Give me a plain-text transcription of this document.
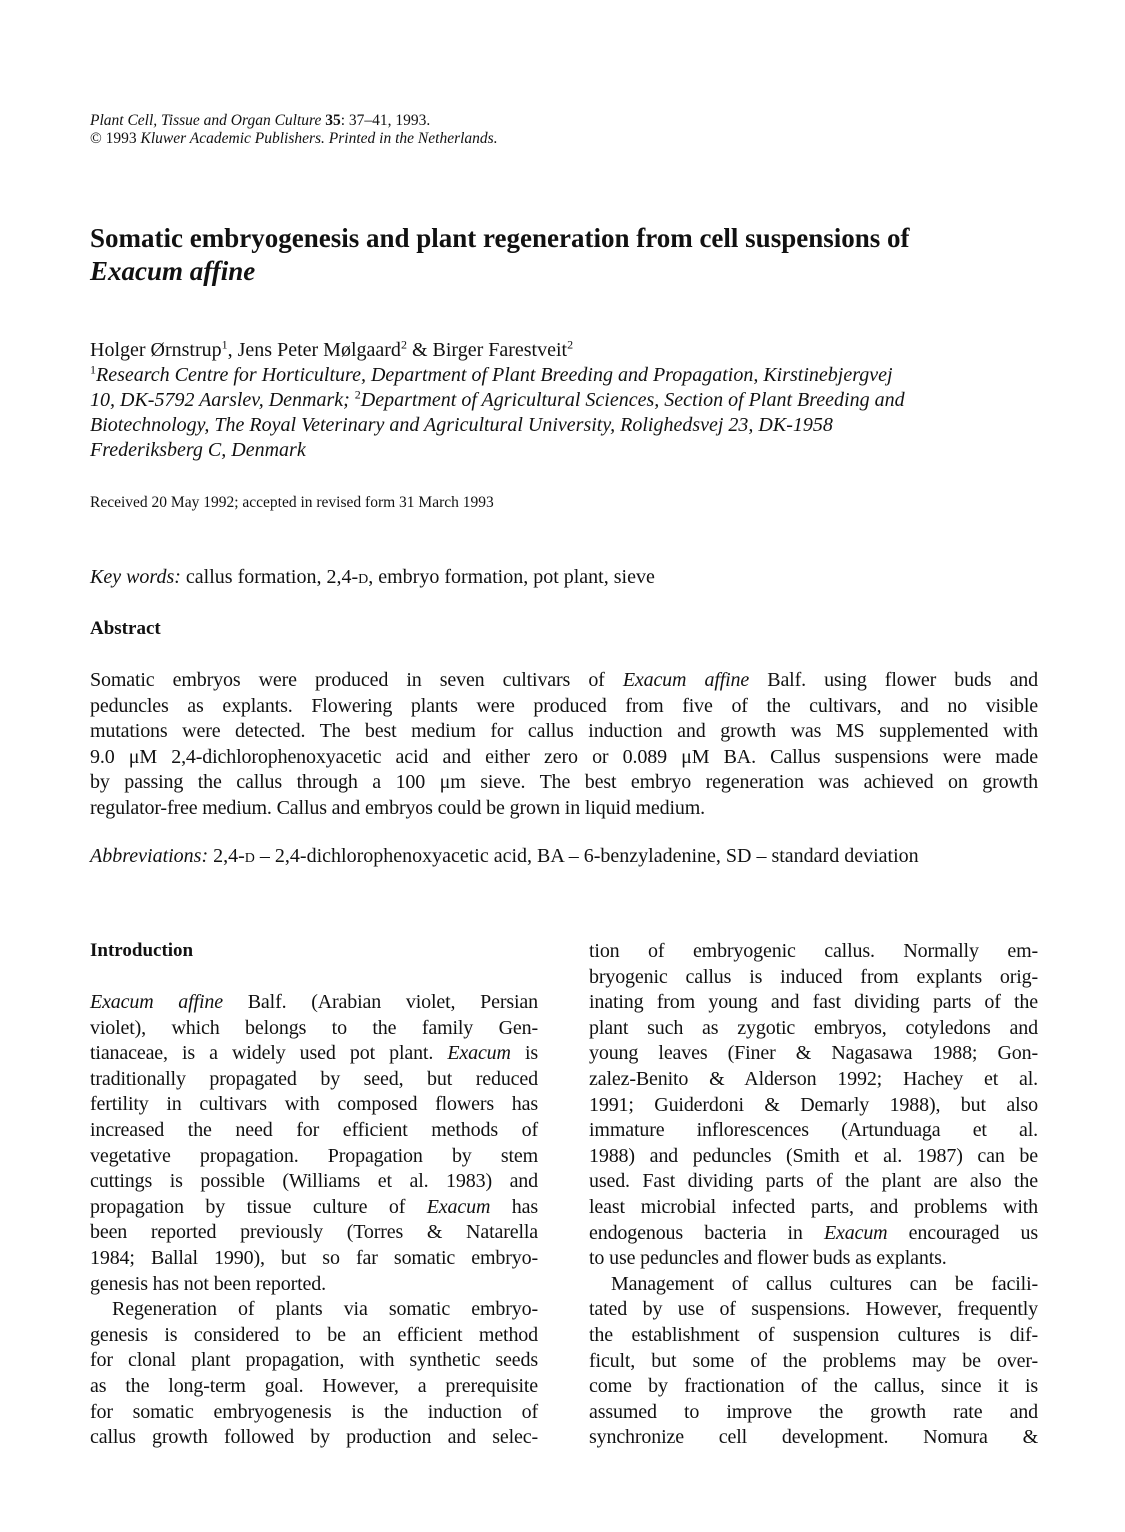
Plant Cell, Tissue and Organ Culture 35: 37–41, 1993.
© 1993 Kluwer Academic Publishers. Printed in the Netherlands.
Somatic embryogenesis and plant regeneration from cell suspensions of
Exacum affine
Holger Ørnstrup$^1$, Jens Peter Mølgaard$^2$ & Birger Farestveit$^2$
$^1$Research Centre for Horticulture, Department of Plant Breeding and Propagation, Kirstinebjergvej
10, DK-5792 Aarslev, Denmark; $^2$Department of Agricultural Sciences, Section of Plant Breeding and
Biotechnology, The Royal Veterinary and Agricultural University, Rolighedsvej 23, DK-1958
Frederiksberg C, Denmark
Received 20 May 1992; accepted in revised form 31 March 1993
Key words: callus formation, 2,4-d, embryo formation, pot plant, sieve
Abstract
Somatic embryos were produced in seven cultivars of Exacum affine Balf. using flower buds and
peduncles as explants. Flowering plants were produced from five of the cultivars, and no visible
mutations were detected. The best medium for callus induction and growth was MS supplemented with
9.0 μM 2,4-dichlorophenoxyacetic acid and either zero or 0.089 μM BA. Callus suspensions were made
by passing the callus through a 100 μm sieve. The best embryo regeneration was achieved on growth
regulator-free medium. Callus and embryos could be grown in liquid medium.
Abbreviations: 2,4-d – 2,4-dichlorophenoxyacetic acid, BA – 6-benzyladenine, SD – standard deviation
Introduction
Exacum affine Balf. (Arabian violet, Persian
violet), which belongs to the family Gen-
tianaceae, is a widely used pot plant. Exacum is
traditionally propagated by seed, but reduced
fertility in cultivars with composed flowers has
increased the need for efficient methods of
vegetative propagation. Propagation by stem
cuttings is possible (Williams et al. 1983) and
propagation by tissue culture of Exacum has
been reported previously (Torres & Natarella
1984; Ballal 1990), but so far somatic embryo-
genesis has not been reported.
Regeneration of plants via somatic embryo-
genesis is considered to be an efficient method
for clonal plant propagation, with synthetic seeds
as the long-term goal. However, a prerequisite
for somatic embryogenesis is the induction of
callus growth followed by production and selec-
tion of embryogenic callus. Normally em-
bryogenic callus is induced from explants orig-
inating from young and fast dividing parts of the
plant such as zygotic embryos, cotyledons and
young leaves (Finer & Nagasawa 1988; Gon-
zalez-Benito & Alderson 1992; Hachey et al.
1991; Guiderdoni & Demarly 1988), but also
immature inflorescences (Artunduaga et al.
1988) and peduncles (Smith et al. 1987) can be
used. Fast dividing parts of the plant are also the
least microbial infected parts, and problems with
endogenous bacteria in Exacum encouraged us
to use peduncles and flower buds as explants.
Management of callus cultures can be facili-
tated by use of suspensions. However, frequently
the establishment of suspension cultures is dif-
ficult, but some of the problems may be over-
come by fractionation of the callus, since it is
assumed to improve the growth rate and
synchronize cell development. Nomura &
